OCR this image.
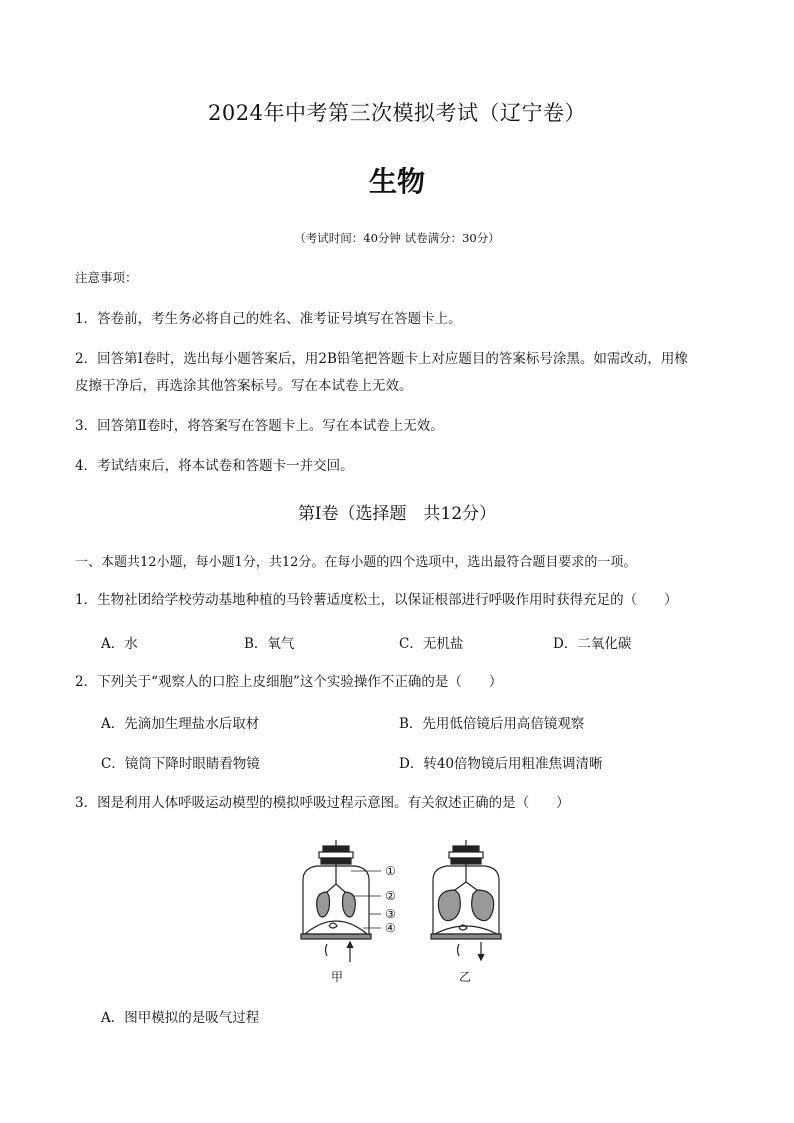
2024年中考第三次模拟考试（辽宁卷）
生物
（考试时间：40分钟 试卷满分：30分）
注意事项：
1．答卷前，考生务必将自己的姓名、准考证号填写在答题卡上。
2．回答第Ⅰ卷时，选出每小题答案后，用2B铅笔把答题卡上对应题目的答案标号涂黑。如需改动，用橡
皮擦干净后，再选涂其他答案标号。写在本试卷上无效。
3．回答第Ⅱ卷时，将答案写在答题卡上。写在本试卷上无效。
4．考试结束后，将本试卷和答题卡一并交回。
第Ⅰ卷（选择题　共12分）
一、本题共12小题，每小题1分，共12分。在每小题的四个选项中，选出最符合题目要求的一项。
1．生物社团给学校劳动基地种植的马铃薯适度松土，以保证根部进行呼吸作用时获得充足的（　　）
A．水	B．氧气	C．无机盐	D．二氧化碳
2．下列关于“观察人的口腔上皮细胞”这个实验操作不正确的是（　　）
A．先滴加生理盐水后取材	B．先用低倍镜后用高倍镜观察
C．镜筒下降时眼睛看物镜	D．转40倍物镜后用粗准焦调清晰
3．图是利用人体呼吸运动模型的模拟呼吸过程示意图。有关叙述正确的是（　　）
①
②
③
④
甲	乙
A．图甲模拟的是吸气过程
